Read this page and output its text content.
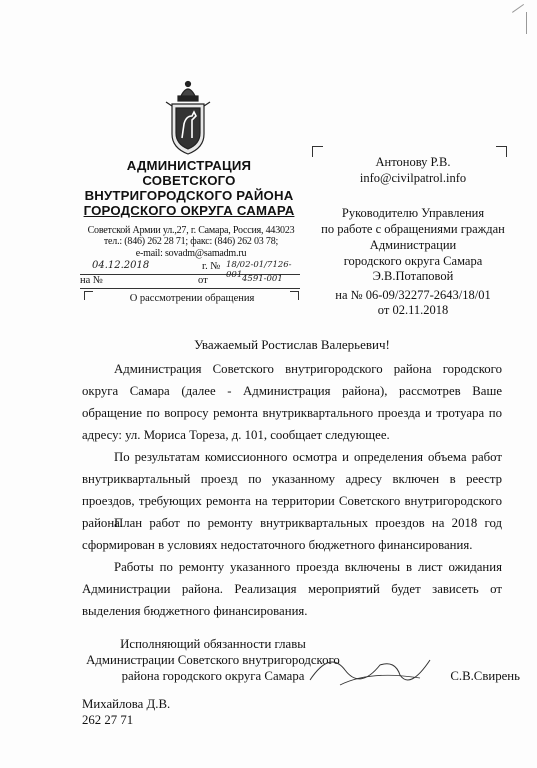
АДМИНИСТРАЦИЯ
СОВЕТСКОГО
ВНУТРИГОРОДСКОГО РАЙОНА
ГОРОДСКОГО ОКРУГА САМАРА
Советской Армии ул.,27, г. Самара, Россия, 443023
тел.: (846) 262 28 71; факс: (846) 262 03 78;
e-mail: sovadm@samadm.ru
04.12.2018	г. № 18/02-01/7126-001
на №	от	4591-001
О рассмотрении обращения
Антонову Р.В.
info@civilpatrol.info
Руководителю Управления
по работе с обращениями граждан
Администрации
городского округа Самара
Э.В.Потаповой
на № 06-09/32277-2643/18/01
от 02.11.2018
Уважаемый Ростислав Валерьевич!
Администрация Советского внутригородского района городского округа Самара (далее - Администрация района), рассмотрев Ваше обращение по вопросу ремонта внутриквартального проезда и тротуара по адресу: ул. Мориса Тореза, д. 101, сообщает следующее.
По результатам комиссионного осмотра и определения объема работ внутриквартальный проезд по указанному адресу включен в реестр проездов, требующих ремонта на территории Советского внутригородского района.
План работ по ремонту внутриквартальных проездов на 2018 год сформирован в условиях недостаточного бюджетного финансирования.
Работы по ремонту указанного проезда включены в лист ожидания Администрации района. Реализация мероприятий будет зависеть от выделения бюджетного финансирования.
Исполняющий обязанности главы
Администрации Советского внутригородского
района городского округа Самара	С.В.Свирень
Михайлова Д.В.
262 27 71
